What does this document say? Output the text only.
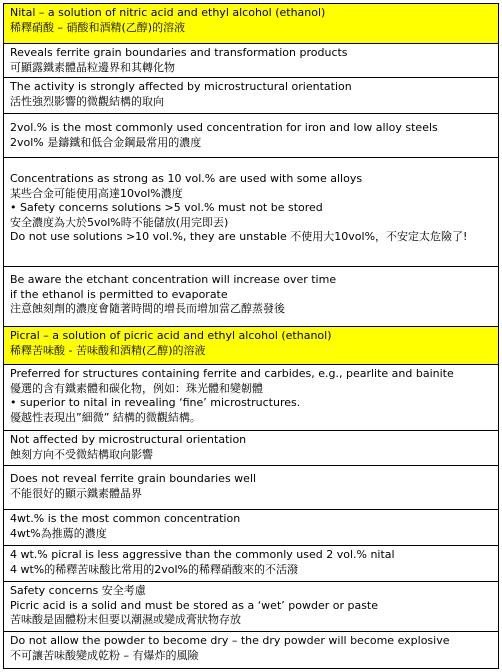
Nital – a solution of nitric acid and ethyl alcohol (ethanol)
稀釋硝酸 – 硝酸和酒精(乙醇)的溶液
Reveals ferrite grain boundaries and transformation products
可顯露鐵素體晶粒邊界和其轉化物
The activity is strongly affected by microstructural orientation
活性強烈影響的微觀結構的取向
2vol.% is the most commonly used concentration for iron and low alloy steels
2vol% 是鑄鐵和低合金鋼最常用的濃度
Concentrations as strong as 10 vol.% are used with some alloys
某些合金可能使用高達10vol%濃度
• Safety concerns solutions >5 vol.% must not be stored
安全濃度為大於5vol%時不能儲放(用完即丟)
Do not use solutions >10 vol.%, they are unstable 不使用大10vol%，不安定太危險了!
Be aware the etchant concentration will increase over time
if the ethanol is permitted to evaporate
注意蝕刻劑的濃度會隨著時間的增長而增加當乙醇蒸發後
Picral – a solution of picric acid and ethyl alcohol (ethanol)
稀釋苦味酸 - 苦味酸和酒精(乙醇)的溶液
Preferred for structures containing ferrite and carbides, e.g., pearlite and bainite
優選的含有鐵素體和碳化物，例如：珠光體和變韌體
• superior to nital in revealing ‘fine’ microstructures.
優越性表現出”細微” 結構的微觀結構。
Not affected by microstructural orientation
蝕刻方向不受微結構取向影響
Does not reveal ferrite grain boundaries well
不能很好的顯示鐵素體晶界
4wt.% is the most common concentration
4wt%為推薦的濃度
4 wt.% picral is less aggressive than the commonly used 2 vol.% nital
4 wt%的稀釋苦味酸比常用的2vol%的稀釋硝酸來的不活潑
Safety concerns 安全考慮
Picric acid is a solid and must be stored as a ‘wet’ powder or paste
苦味酸是固體粉末但要以潮濕或變成膏狀物存放
Do not allow the powder to become dry – the dry powder will become explosive
不可讓苦味酸變成乾粉 – 有爆炸的風險
